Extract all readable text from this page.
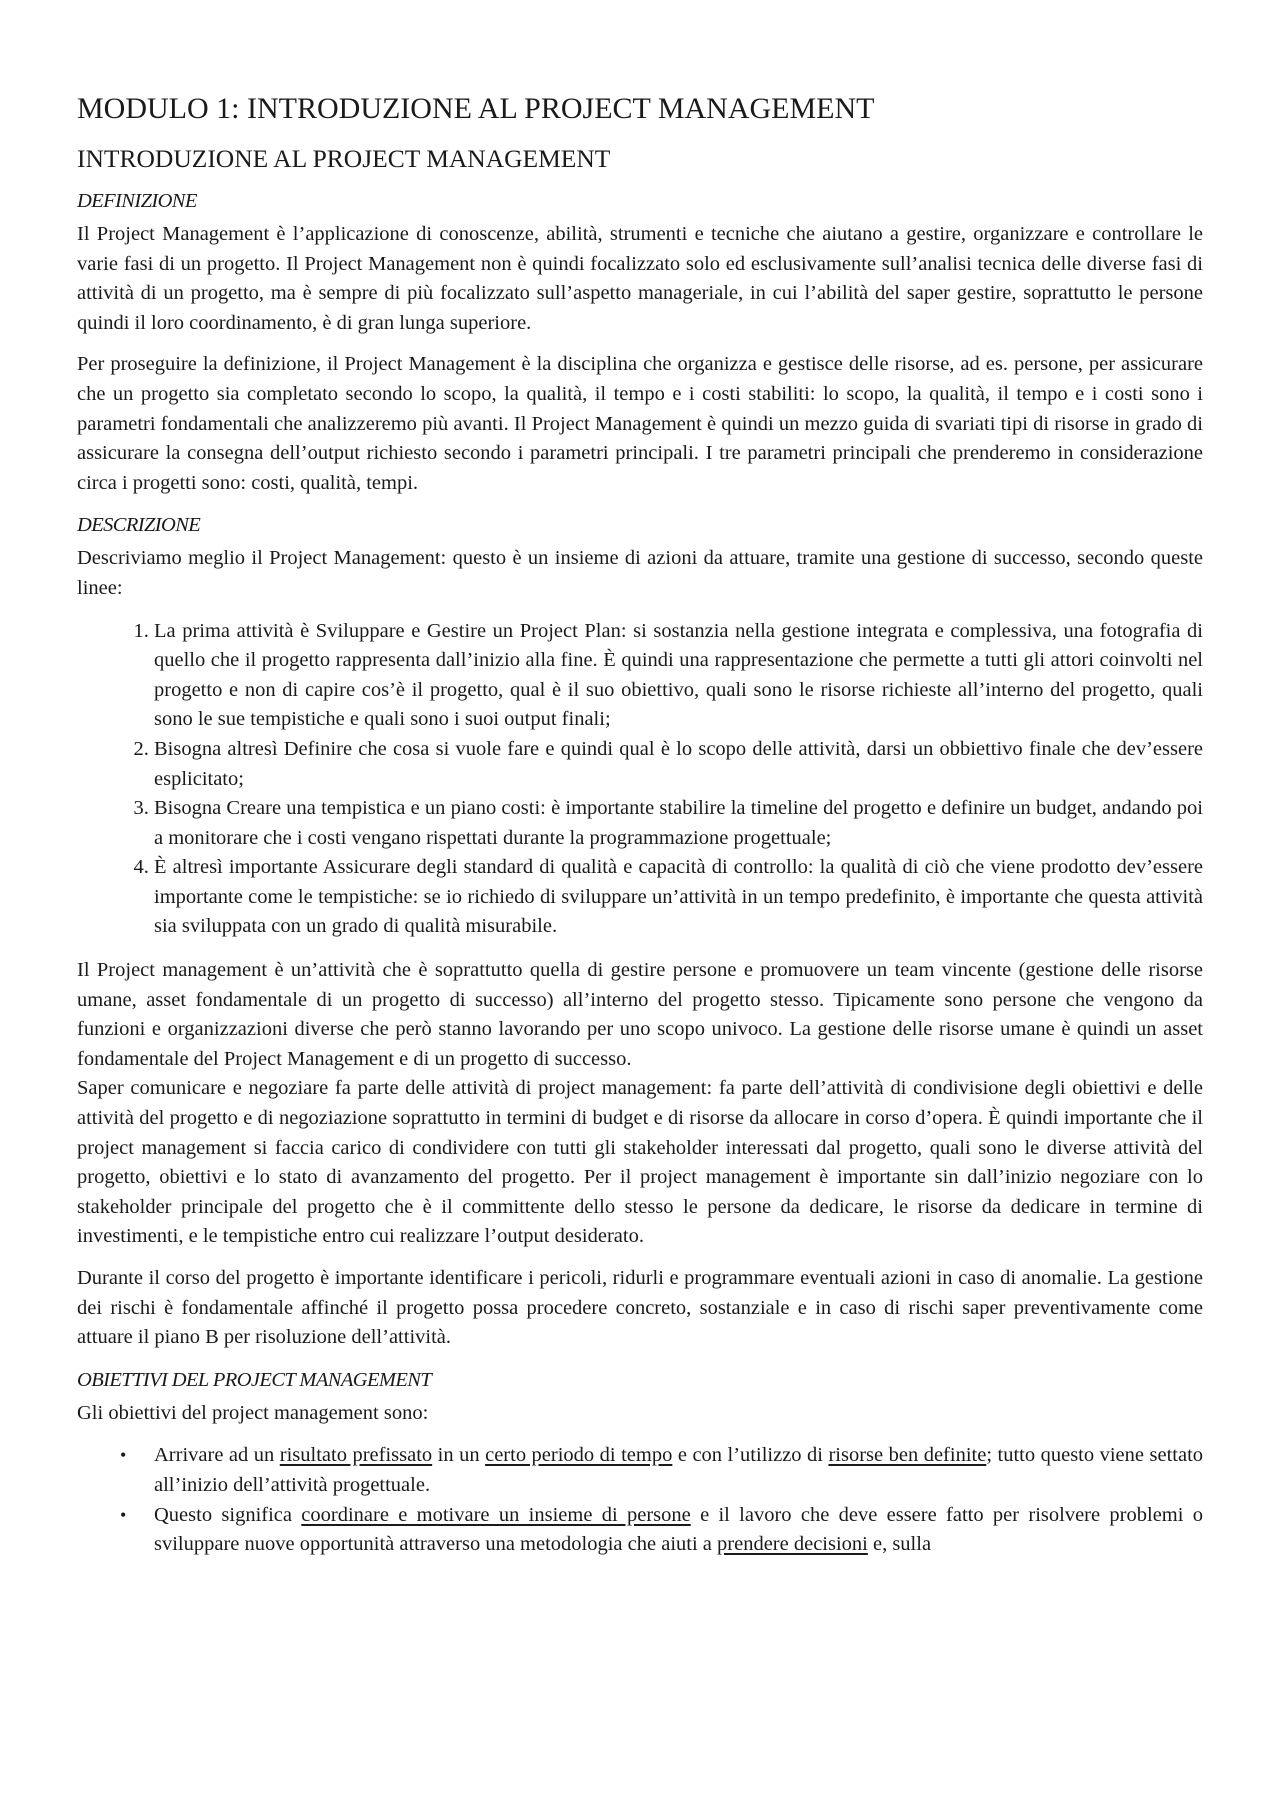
MODULO 1: INTRODUZIONE AL PROJECT MANAGEMENT
INTRODUZIONE AL PROJECT MANAGEMENT
DEFINIZIONE

Il Project Management è l’applicazione di conoscenze, abilità, strumenti e tecniche che aiutano a gestire, organizzare e controllare le varie fasi di un progetto. Il Project Management non è quindi focalizzato solo ed esclusivamente sull’analisi tecnica delle diverse fasi di attività di un progetto, ma è sempre di più focalizzato sull’aspetto manageriale, in cui l’abilità del saper gestire, soprattutto le persone quindi il loro coordinamento, è di gran lunga superiore.

Per proseguire la definizione, il Project Management è la disciplina che organizza e gestisce delle risorse, ad es. persone, per assicurare che un progetto sia completato secondo lo scopo, la qualità, il tempo e i costi stabiliti: lo scopo, la qualità, il tempo e i costi sono i parametri fondamentali che analizzeremo più avanti. Il Project Management è quindi un mezzo guida di svariati tipi di risorse in grado di assicurare la consegna dell’output richiesto secondo i parametri principali. I tre parametri principali che prenderemo in considerazione circa i progetti sono: costi, qualità, tempi.

DESCRIZIONE

Descriviamo meglio il Project Management: questo è un insieme di azioni da attuare, tramite una gestione di successo, secondo queste linee:

1. La prima attività è Sviluppare e Gestire un Project Plan: si sostanzia nella gestione integrata e complessiva, una fotografia di quello che il progetto rappresenta dall’inizio alla fine. È quindi una rappresentazione che permette a tutti gli attori coinvolti nel progetto e non di capire cos’è il progetto, qual è il suo obiettivo, quali sono le risorse richieste all’interno del progetto, quali sono le sue tempistiche e quali sono i suoi output finali;
2. Bisogna altresì Definire che cosa si vuole fare e quindi qual è lo scopo delle attività, darsi un obbiettivo finale che dev’essere esplicitato;
3. Bisogna Creare una tempistica e un piano costi: è importante stabilire la timeline del progetto e definire un budget, andando poi a monitorare che i costi vengano rispettati durante la programmazione progettuale;
4. È altresì importante Assicurare degli standard di qualità e capacità di controllo: la qualità di ciò che viene prodotto dev’essere importante come le tempistiche: se io richiedo di sviluppare un’attività in un tempo predefinito, è importante che questa attività sia sviluppata con un grado di qualità misurabile.

Il Project management è un’attività che è soprattutto quella di gestire persone e promuovere un team vincente (gestione delle risorse umane, asset fondamentale di un progetto di successo) all’interno del progetto stesso. Tipicamente sono persone che vengono da funzioni e organizzazioni diverse che però stanno lavorando per uno scopo univoco. La gestione delle risorse umane è quindi un asset fondamentale del Project Management e di un progetto di successo.

Saper comunicare e negoziare fa parte delle attività di project management: fa parte dell’attività di condivisione degli obiettivi e delle attività del progetto e di negoziazione soprattutto in termini di budget e di risorse da allocare in corso d’opera. È quindi importante che il project management si faccia carico di condividere con tutti gli stakeholder interessati dal progetto, quali sono le diverse attività del progetto, obiettivi e lo stato di avanzamento del progetto. Per il project management è importante sin dall’inizio negoziare con lo stakeholder principale del progetto che è il committente dello stesso le persone da dedicare, le risorse da dedicare in termine di investimenti, e le tempistiche entro cui realizzare l’output desiderato.

Durante il corso del progetto è importante identificare i pericoli, ridurli e programmare eventuali azioni in caso di anomalie. La gestione dei rischi è fondamentale affinché il progetto possa procedere concreto, sostanziale e in caso di rischi saper preventivamente come attuare il piano B per risoluzione dell’attività.

OBIETTIVI DEL PROJECT MANAGEMENT

Gli obiettivi del project management sono:

• Arrivare ad un risultato prefissato in un certo periodo di tempo e con l’utilizzo di risorse ben definite; tutto questo viene settato all’inizio dell’attività progettuale.
• Questo significa coordinare e motivare un insieme di persone e il lavoro che deve essere fatto per risolvere problemi o sviluppare nuove opportunità attraverso una metodologia che aiuti a prendere decisioni e, sulla
